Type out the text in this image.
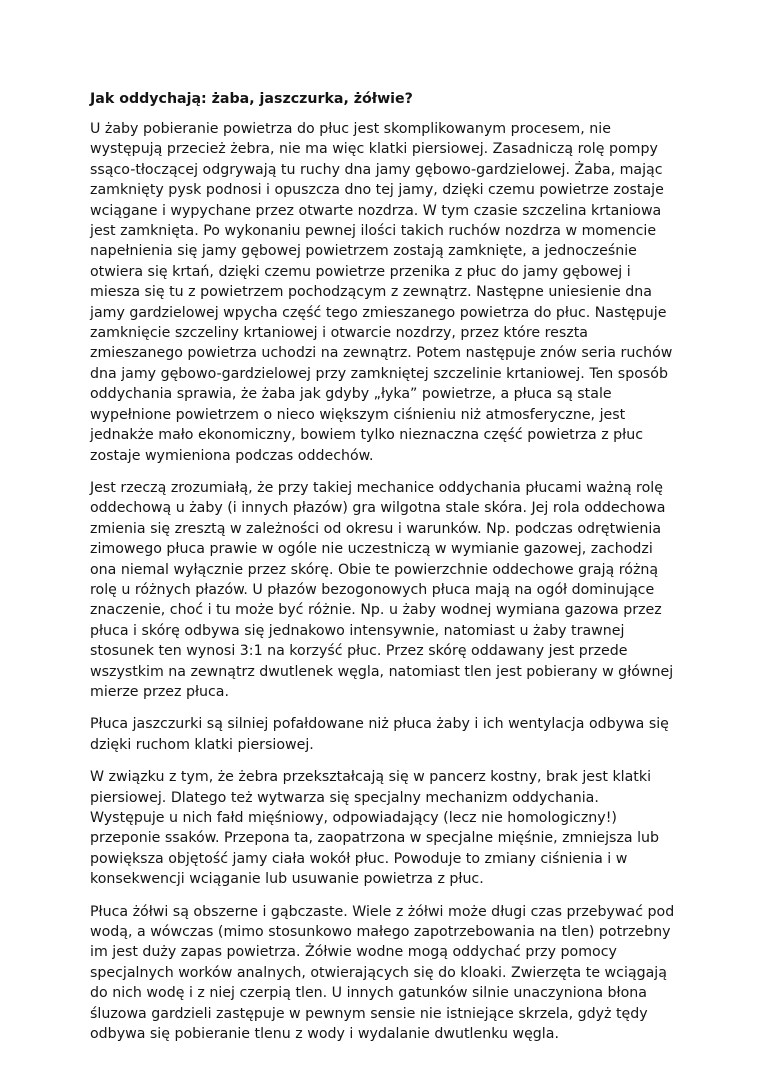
Jak oddychają: żaba, jaszczurka, żółwie?
U żaby pobieranie powietrza do płuc jest skomplikowanym procesem, nie
występują przecież żebra, nie ma więc klatki piersiowej. Zasadniczą rolę pompy
ssąco-tłoczącej odgrywają tu ruchy dna jamy gębowo-gardzielowej. Żaba, mając
zamknięty pysk podnosi i opuszcza dno tej jamy, dzięki czemu powietrze zostaje
wciągane i wypychane przez otwarte nozdrza. W tym czasie szczelina krtaniowa
jest zamknięta. Po wykonaniu pewnej ilości takich ruchów nozdrza w momencie
napełnienia się jamy gębowej powietrzem zostają zamknięte, a jednocześnie
otwiera się krtań, dzięki czemu powietrze przenika z płuc do jamy gębowej i
miesza się tu z powietrzem pochodzącym z zewnątrz. Następne uniesienie dna
jamy gardzielowej wpycha część tego zmieszanego powietrza do płuc. Następuje
zamknięcie szczeliny krtaniowej i otwarcie nozdrzy, przez które reszta
zmieszanego powietrza uchodzi na zewnątrz. Potem następuje znów seria ruchów
dna jamy gębowo-gardzielowej przy zamkniętej szczelinie krtaniowej. Ten sposób
oddychania sprawia, że żaba jak gdyby „łyka” powietrze, a płuca są stale
wypełnione powietrzem o nieco większym ciśnieniu niż atmosferyczne, jest
jednakże mało ekonomiczny, bowiem tylko nieznaczna część powietrza z płuc
zostaje wymieniona podczas oddechów.
Jest rzeczą zrozumiałą, że przy takiej mechanice oddychania płucami ważną rolę
oddechową u żaby (i innych płazów) gra wilgotna stale skóra. Jej rola oddechowa
zmienia się zresztą w zależności od okresu i warunków. Np. podczas odrętwienia
zimowego płuca prawie w ogóle nie uczestniczą w wymianie gazowej, zachodzi
ona niemal wyłącznie przez skórę. Obie te powierzchnie oddechowe grają różną
rolę u różnych płazów. U płazów bezogonowych płuca mają na ogół dominujące
znaczenie, choć i tu może być różnie. Np. u żaby wodnej wymiana gazowa przez
płuca i skórę odbywa się jednakowo intensywnie, natomiast u żaby trawnej
stosunek ten wynosi 3:1 na korzyść płuc. Przez skórę oddawany jest przede
wszystkim na zewnątrz dwutlenek węgla, natomiast tlen jest pobierany w głównej
mierze przez płuca.
Płuca jaszczurki są silniej pofałdowane niż płuca żaby i ich wentylacja odbywa się
dzięki ruchom klatki piersiowej.
W związku z tym, że żebra przekształcają się w pancerz kostny, brak jest klatki
piersiowej. Dlatego też wytwarza się specjalny mechanizm oddychania.
Występuje u nich fałd mięśniowy, odpowiadający (lecz nie homologiczny!)
przeponie ssaków. Przepona ta, zaopatrzona w specjalne mięśnie, zmniejsza lub
powiększa objętość jamy ciała wokół płuc. Powoduje to zmiany ciśnienia i w
konsekwencji wciąganie lub usuwanie powietrza z płuc.
Płuca żółwi są obszerne i gąbczaste. Wiele z żółwi może długi czas przebywać pod
wodą, a wówczas (mimo stosunkowo małego zapotrzebowania na tlen) potrzebny
im jest duży zapas powietrza. Żółwie wodne mogą oddychać przy pomocy
specjalnych worków analnych, otwierających się do kloaki. Zwierzęta te wciągają
do nich wodę i z niej czerpią tlen. U innych gatunków silnie unaczyniona błona
śluzowa gardzieli zastępuje w pewnym sensie nie istniejące skrzela, gdyż tędy
odbywa się pobieranie tlenu z wody i wydalanie dwutlenku węgla.
